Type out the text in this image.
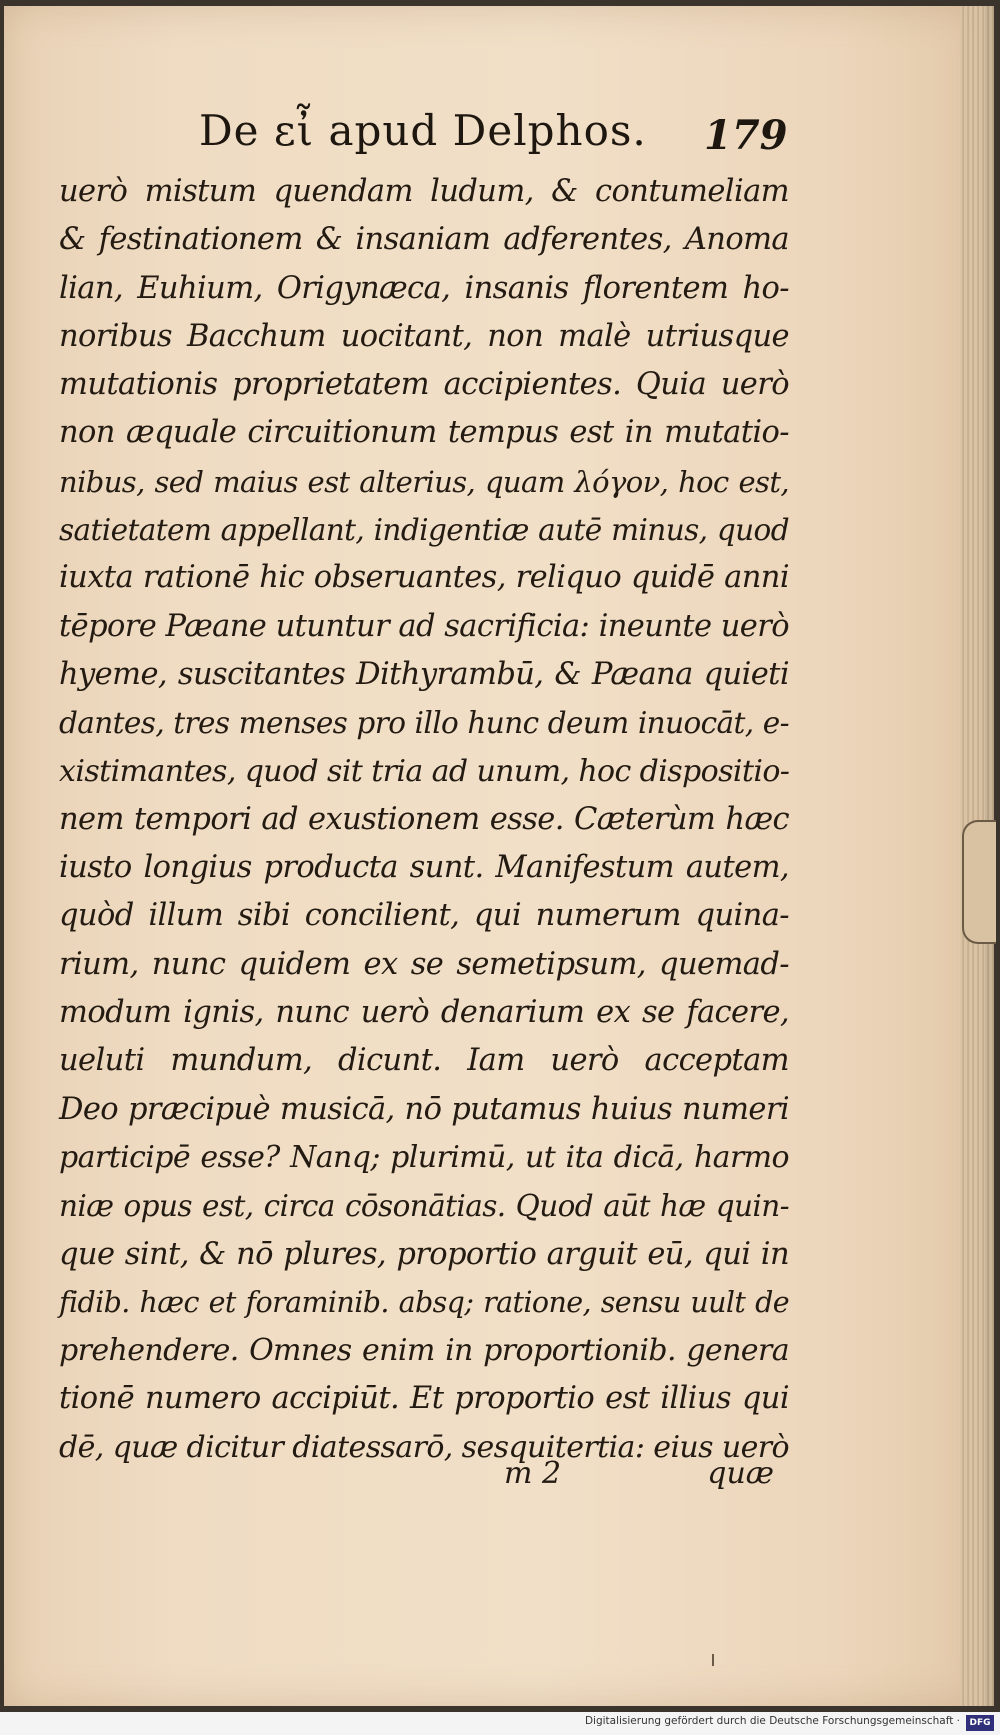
De εἶ apud Delphos.	179
uerò mistum quendam ludum, & contumeliam
& festinationem & insaniam adferentes, Anoma
lian, Euhium, Origynæca, insanis florentem ho-
noribus Bacchum uocitant, non malè utriusque
mutationis proprietatem accipientes. Quia uerò
non æquale circuitionum tempus est in mutatio-
nibus, sed maius est alterius, quam λόγον, hoc est,
satietatem appellant, indigentiæ autē minus, quod
iuxta rationē hic obseruantes, reliquo quidē anni
tēpore Pæane utuntur ad sacrificia: ineunte uerò
hyeme, suscitantes Dithyrambū, & Pæana quieti
dantes, tres menses pro illo hunc deum inuocāt, e-
xistimantes, quod sit tria ad unum, hoc dispositio-
nem tempori ad exustionem esse. Cæterùm hæc
iusto longius producta sunt. Manifestum autem,
quòd illum sibi concilient, qui numerum quina-
rium, nunc quidem ex se semetipsum, quemad-
modum ignis, nunc uerò denarium ex se facere,
ueluti mundum, dicunt. Iam uerò acceptam
Deo præcipuè musicā, nō putamus huius numeri
participē esse? Nanq; plurimū, ut ita dicā, harmo
niæ opus est, circa cōsonātias. Quod aūt hæ quin-
que sint, & nō plures, proportio arguit eū, qui in
fidib. hæc et foraminib. absq; ratione, sensu uult de
prehendere. Omnes enim in proportionib. genera
tionē numero accipiūt. Et proportio est illius qui
dē, quæ dicitur diatessarō, sesquitertia: eius uerò
m 2	quæ
Digitalisierung gefördert durch die Deutsche Forschungsgemeinschaft ·	DFG
